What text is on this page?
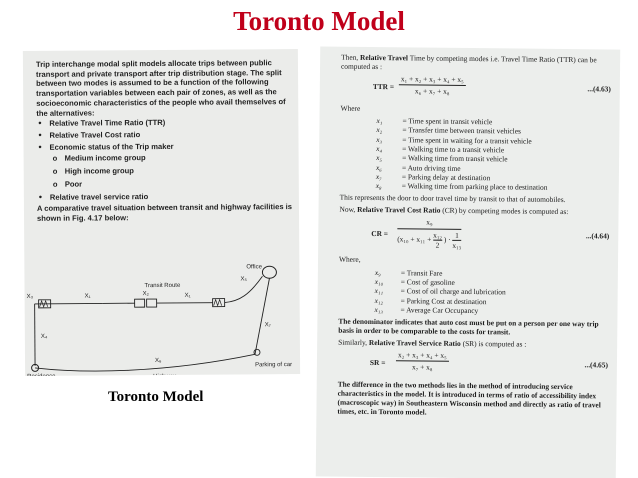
Toronto Model

Trip interchange modal split models allocate trips between public transport and private transport after trip distribution stage. The split between two modes is assumed to be a function of the following transportation variables between each pair of zones, as well as the socioeconomic characteristics of the people who avail themselves of the alternatives:

• Relative Travel Time Ratio (TTR)
• Relative Travel Cost ratio
• Economic status of the Trip maker
o Medium income group
o High income group
o Poor
• Relative travel service ratio

A comparative travel situation between transit and highway facilities is shown in Fig. 4.17 below:

Transit Route
Office
X₃	X₁	X₂	X₁
X₅
X₄
X₆
X₇
Parking of car
Residence	Highway
Toronto Model

Then, Relative Travel Time by competing modes i.e. Travel Time Ratio (TTR) can be computed as :

TTR = $\frac{\text{x₁ + x₂ + x₃ + x₄ + x₅}}{\text{x₆ + x₇ + x₈}}$	...(4.63)

Where

x₁	= Time spent in transit vehicle
x₂	= Transfer time between transit vehicles
x₃	= Time spent in waiting for a transit vehicle
x₄	= Walking time to a transit vehicle
x₅	= Walking time from transit vehicle
x₆	= Auto driving time
x₇	= Parking delay at destination
x₈	= Walking time from parking place to destination

This represents the door to door travel time by transit to that of automobiles.

Now, Relative Travel Cost Ratio (CR) by competing modes is computed as:

CR =
x₉
($x_{10} + x_{11} + \frac{\text{x₁₂}}{2}$ ) · $\frac{1}{\text{x₁₃}}$	...(4.64)

Where,

x₉	= Transit Fare
x₁₀ = Cost of gasoline
x₁₁ = Cost of oil charge and lubrication
x₁₂ = Parking Cost at destination
x₁₃ = Average Car Occupancy

The denominator indicates that auto cost must be put on a person per one way trip basis in order to be comparable to the costs for transit.

Similarly, Relative Travel Service Ratio (SR) is computed as :

SR = $\frac{\text{x₂ + x₃ + x₄ + x₅}}{\text{x₇ + x₈}}$	...(4.65)

The difference in the two methods lies in the method of introducing service characteristics in the model. It is introduced in terms of ratio of accessibility index (macroscopic way) in Southeastern Wisconsin method and directly as ratio of travel times, etc. in Toronto model.
